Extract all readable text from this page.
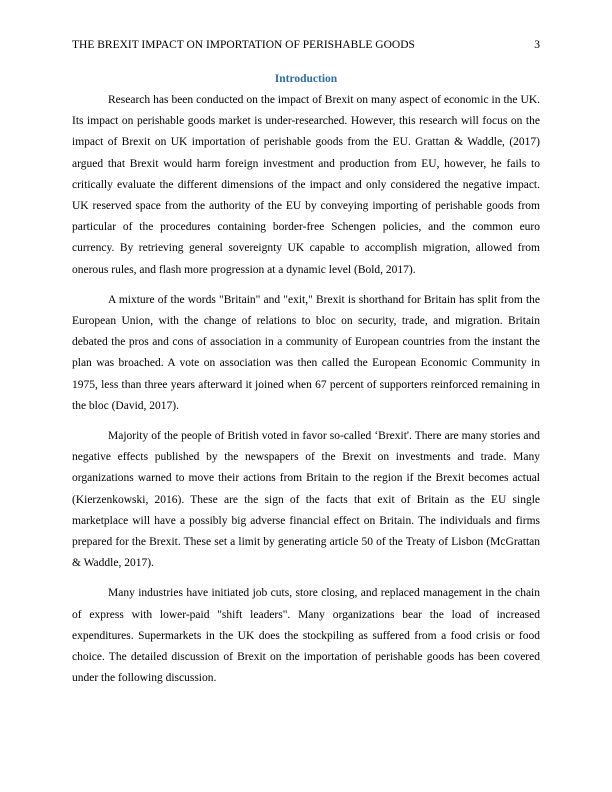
THE BREXIT IMPACT ON IMPORTATION OF PERISHABLE GOODS	3
Introduction

Research has been conducted on the impact of Brexit on many aspect of economic in the UK. Its impact on perishable goods market is under-researched. However, this research will focus on the impact of Brexit on UK importation of perishable goods from the EU. Grattan & Waddle, (2017) argued that Brexit would harm foreign investment and production from EU, however, he fails to critically evaluate the different dimensions of the impact and only considered the negative impact. UK reserved space from the authority of the EU by conveying importing of perishable goods from particular of the procedures containing border-free Schengen policies, and the common euro currency. By retrieving general sovereignty UK capable to accomplish migration, allowed from onerous rules, and flash more progression at a dynamic level (Bold, 2017).

A mixture of the words "Britain" and "exit," Brexit is shorthand for Britain has split from the European Union, with the change of relations to bloc on security, trade, and migration. Britain debated the pros and cons of association in a community of European countries from the instant the plan was broached. A vote on association was then called the European Economic Community in 1975, less than three years afterward it joined when 67 percent of supporters reinforced remaining in the bloc (David, 2017).

Majority of the people of British voted in favor so-called ‘Brexit'. There are many stories and negative effects published by the newspapers of the Brexit on investments and trade. Many organizations warned to move their actions from Britain to the region if the Brexit becomes actual (Kierzenkowski, 2016). These are the sign of the facts that exit of Britain as the EU single marketplace will have a possibly big adverse financial effect on Britain. The individuals and firms prepared for the Brexit. These set a limit by generating article 50 of the Treaty of Lisbon (McGrattan & Waddle, 2017).

Many industries have initiated job cuts, store closing, and replaced management in the chain of express with lower-paid "shift leaders". Many organizations bear the load of increased expenditures. Supermarkets in the UK does the stockpiling as suffered from a food crisis or food choice. The detailed discussion of Brexit on the importation of perishable goods has been covered under the following discussion.
